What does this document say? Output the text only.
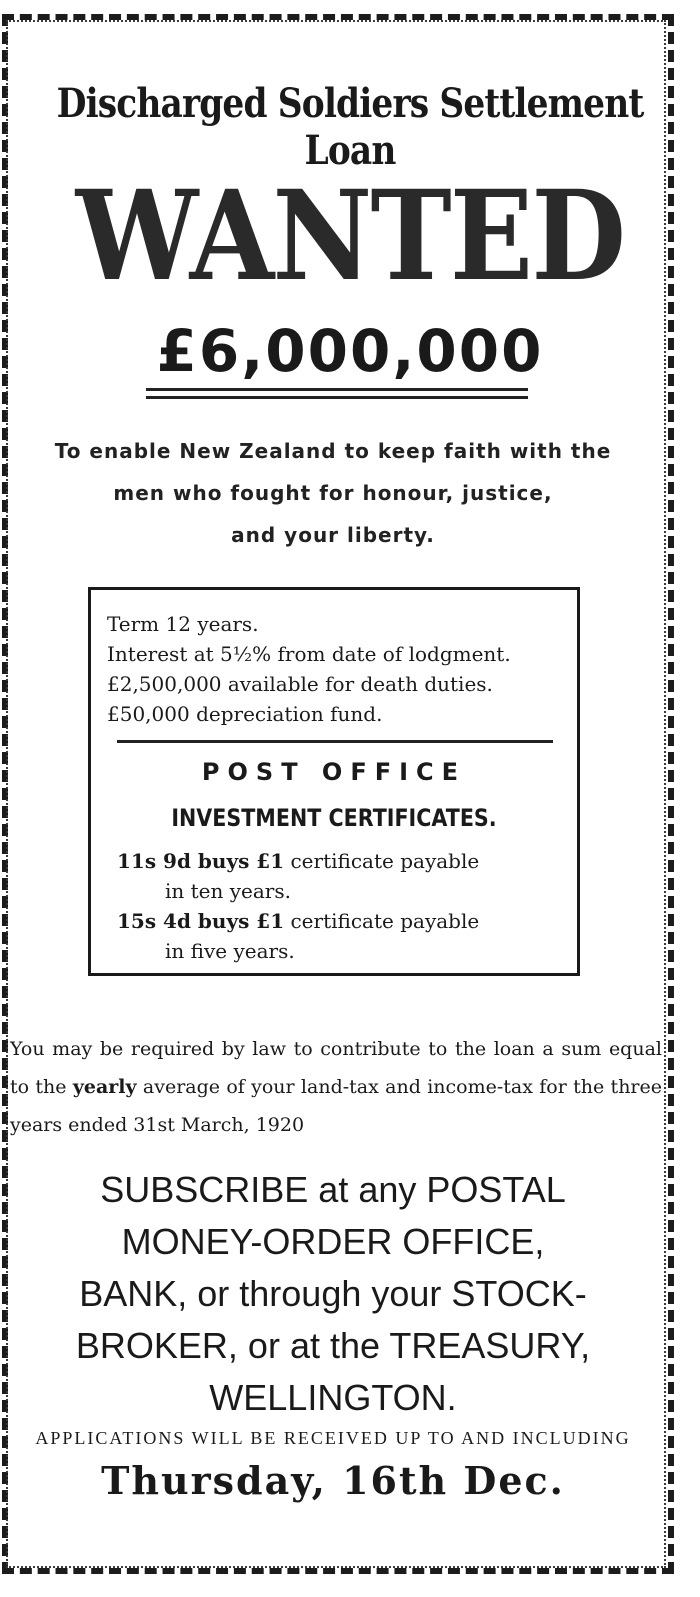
Discharged Soldiers Settlement Loan
WANTED
£6,000,000
To enable New Zealand to keep faith with the
men who fought for honour, justice,
and your liberty.
Term 12 years.
Interest at 5½% from date of lodgment.
£2,500,000 available for death duties.
£50,000 depreciation fund.
POST OFFICE
INVESTMENT CERTIFICATES.
11s 9d buys £1 certificate payable
in ten years.
15s 4d buys £1 certificate payable
in five years.

You may be required by law to contribute to the loan a sum equal to the yearly average of your land-tax and income-tax for the three years ended 31st March, 1920

SUBSCRIBE at any POSTAL
MONEY-ORDER OFFICE,
BANK, or through your STOCK-
BROKER, or at the TREASURY,
WELLINGTON.
APPLICATIONS WILL BE RECEIVED UP TO AND INCLUDING
Thursday, 16th Dec.
